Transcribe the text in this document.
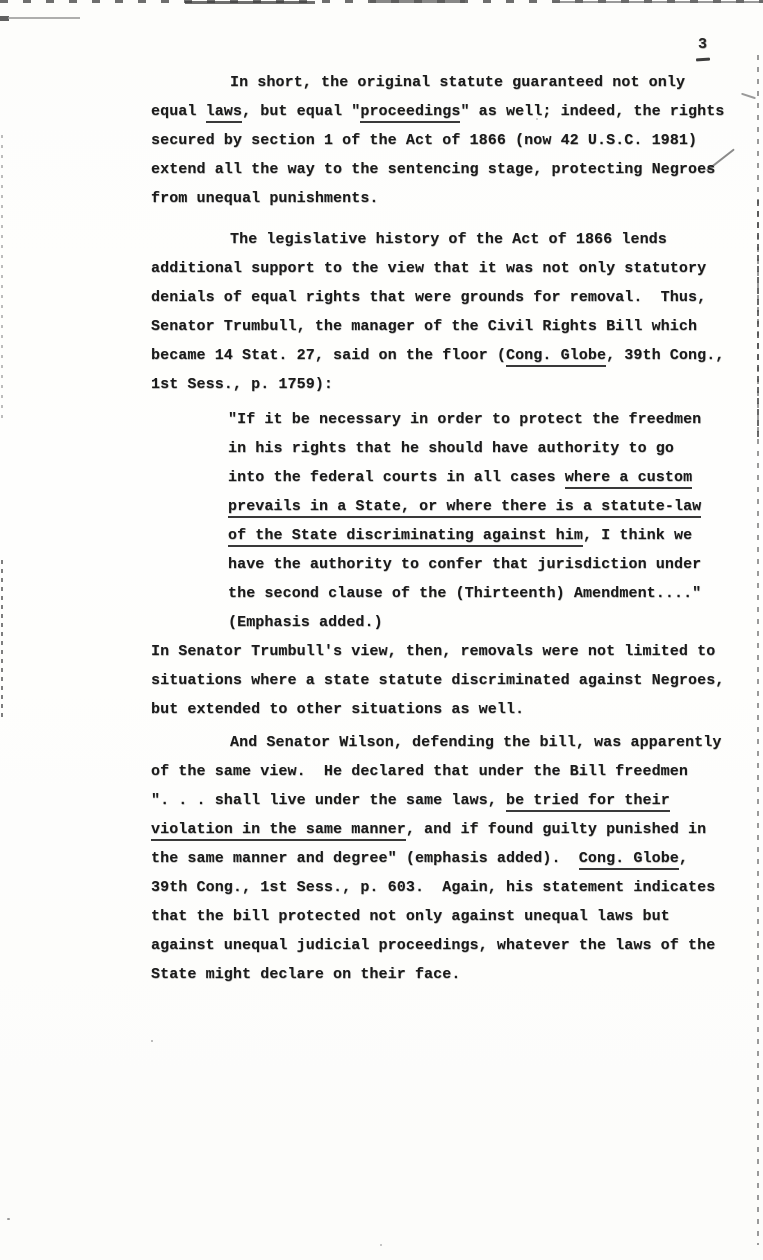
3
In short, the original statute guaranteed not only
equal laws, but equal "proceedings" as well; indeed, the rights
secured by section 1 of the Act of 1866 (now 42 U.S.C. 1981)
extend all the way to the sentencing stage, protecting Negroes
from unequal punishments.
The legislative history of the Act of 1866 lends
additional support to the view that it was not only statutory
denials of equal rights that were grounds for removal.  Thus,
Senator Trumbull, the manager of the Civil Rights Bill which
became 14 Stat. 27, said on the floor (Cong. Globe, 39th Cong.,
1st Sess., p. 1759):
"If it be necessary in order to protect the freedmen
in his rights that he should have authority to go
into the federal courts in all cases where a custom
prevails in a State, or where there is a statute-law
of the State discriminating against him, I think we
have the authority to confer that jurisdiction under
the second clause of the (Thirteenth) Amendment...."
(Emphasis added.)
In Senator Trumbull's view, then, removals were not limited to
situations where a state statute discriminated against Negroes,
but extended to other situations as well.
And Senator Wilson, defending the bill, was apparently
of the same view.  He declared that under the Bill freedmen
". . . shall live under the same laws, be tried for their
violation in the same manner, and if found guilty punished in
the same manner and degree" (emphasis added).  Cong. Globe,
39th Cong., 1st Sess., p. 603.  Again, his statement indicates
that the bill protected not only against unequal laws but
against unequal judicial proceedings, whatever the laws of the
State might declare on their face.
